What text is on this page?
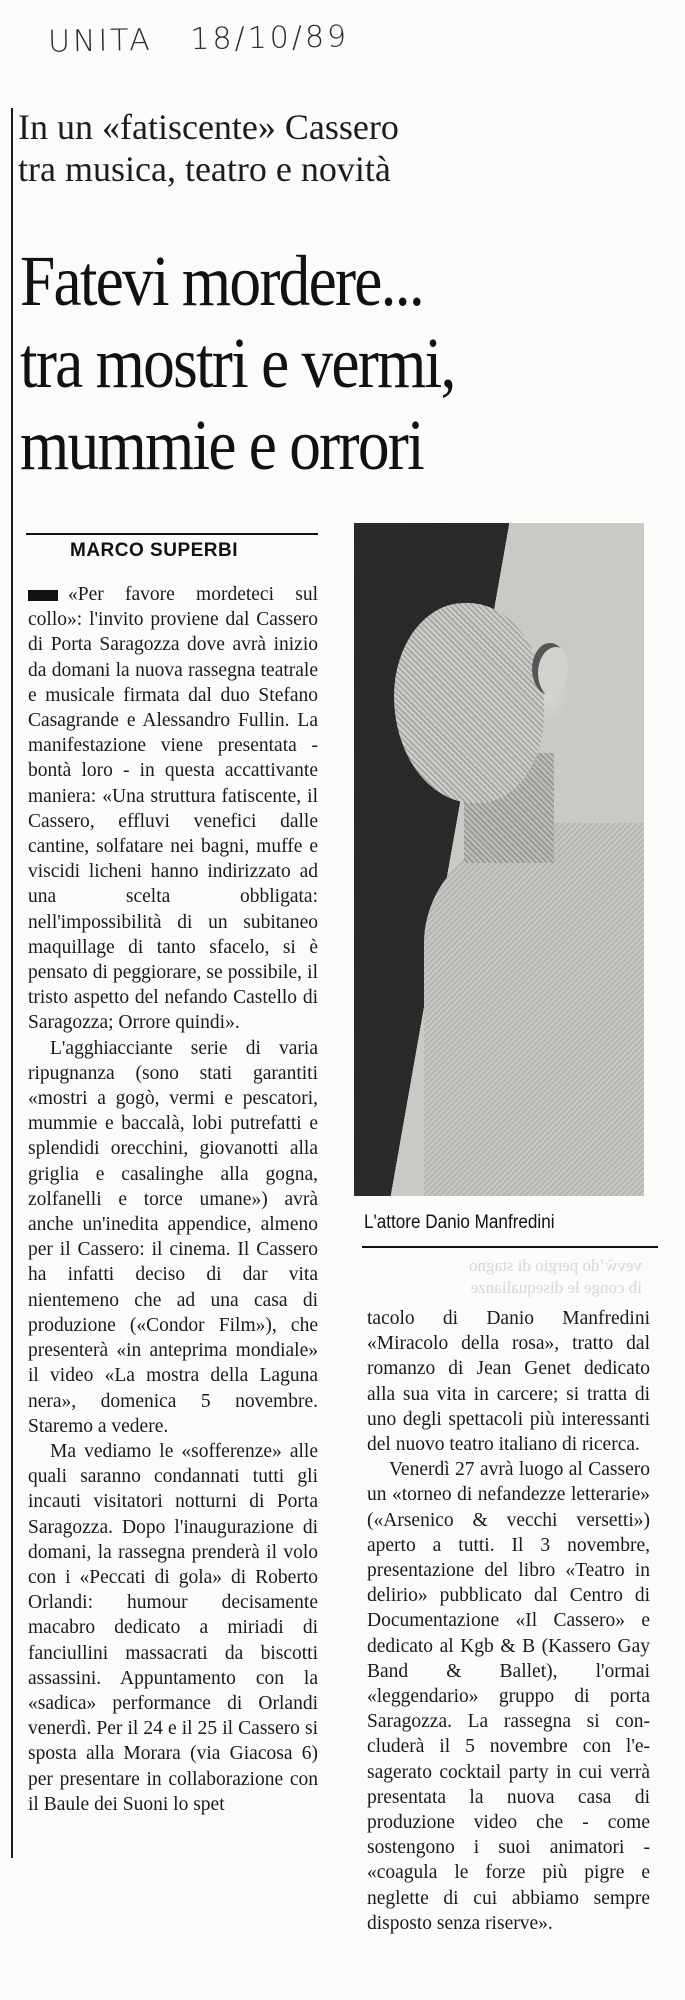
UNITA 18/10/89
In un «fatiscente» Cassero
tra musica, teatro e novità
Fatevi mordere...
tra mostri e vermi,
mummie e orrori
MARCO SUPERBI

«Per favore mordeteci sul collo»: l'invito proviene dal Cassero di Porta Saragozza dove avrà inizio da domani la nuova rassegna teatrale e musicale firmata dal duo Stefano Casagrande e Alessandro Fullin. La manifestazione viene presentata - bontà loro - in questa accattivante maniera: «Una struttura fatiscente, il Cassero, effluvi venefici dalle cantine, solfatare nei bagni, muffe e viscidi licheni hanno indirizzato ad una scelta obbligata: nell'impossibilità di un subitaneo maquillage di tanto sfacelo, si è pensato di peggiorare, se possibile, il tristo aspetto del nefando Castello di Saragozza; Orrore quindi».

L'agghiacciante serie di varia ripugnanza (sono stati garantiti «mostri a gogò, vermi e pescatori, mummie e baccalà, lobi putrefatti e splendidi orecchini, giovanotti alla griglia e casalinghe alla gogna, zolfanelli e torce umane») avrà anche un'inedita appendice, almeno per il Cassero: il cinema. Il Cassero ha infatti deciso di dar vita nientemeno che ad una casa di produzione («Condor Film»), che presenterà «in anteprima mondiale» il video «La mostra della Laguna nera», domenica 5 novembre. Staremo a vedere.

Ma vediamo le «sofferenze» alle quali saranno condannati tutti gli incauti visitatori notturni di Porta Saragozza. Dopo l'inaugurazione di domani, la rassegna prenderà il volo con i «Peccati di gola» di Roberto Orlandi: humour decisamente macabro dedicato a miriadi di fanciullini massacrati da biscotti assassini. Appuntamento con la «sadica» performance di Orlandi venerdì. Per il 24 e il 25 il Cassero si sposta alla Morara (via Giacosa 6) per presentare in collaborazione con il Baule dei Suoni lo spet

L'attore Danio Manfredini
vevw̃ʼdo pergio di stagno
ib conge le disequalianze

tacolo di Danio Manfredini «Miracolo della rosa», tratto dal romanzo di Jean Genet dedicato alla sua vita in carcere; si tratta di uno degli spettacoli più interessanti del nuovo teatro italiano di ricerca.

Venerdì 27 avrà luogo al Cassero un «torneo di nefandezze letterarie» («Arsenico & vecchi versetti») aperto a tutti. Il 3 novembre, presentazione del libro «Teatro in delirio» pubblicato dal Centro di Documentazione «Il Cassero» e dedicato al Kgb & B (Kassero Gay Band & Ballet), l'ormai «leggendario» gruppo di porta Saragozza. La rassegna si concluderà il 5 novembre con l'esagerato cocktail party in cui verrà presentata la nuova casa di produzione video che - come sostengono i suoi animatori - «coagula le forze più pigre e neglette di cui abbiamo sempre disposto senza riserve».
